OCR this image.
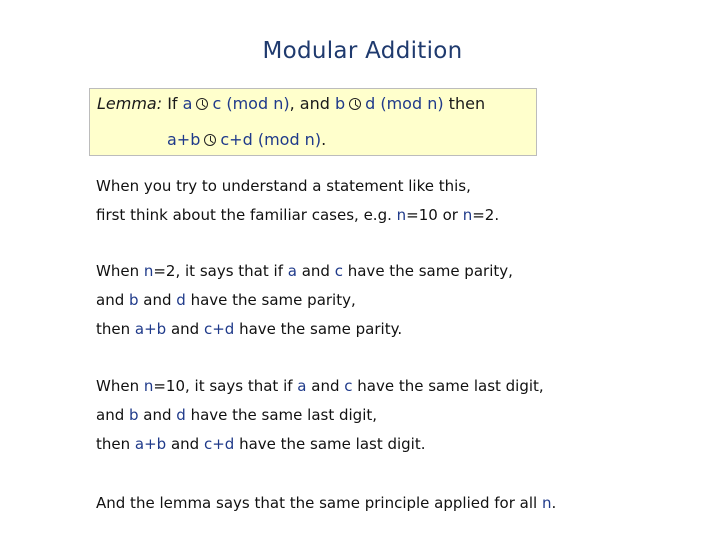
Modular Addition
Lemma: If a c (mod n), and b d (mod n) then
a+b c+d (mod n).
When you try to understand a statement like this,
first think about the familiar cases, e.g. n=10 or n=2.
When n=2, it says that if a and c have the same parity,
and b and d have the same parity,
then a+b and c+d have the same parity.
When n=10, it says that if a and c have the same last digit,
and b and d have the same last digit,
then a+b and c+d have the same last digit.
And the lemma says that the same principle applied for all n.
